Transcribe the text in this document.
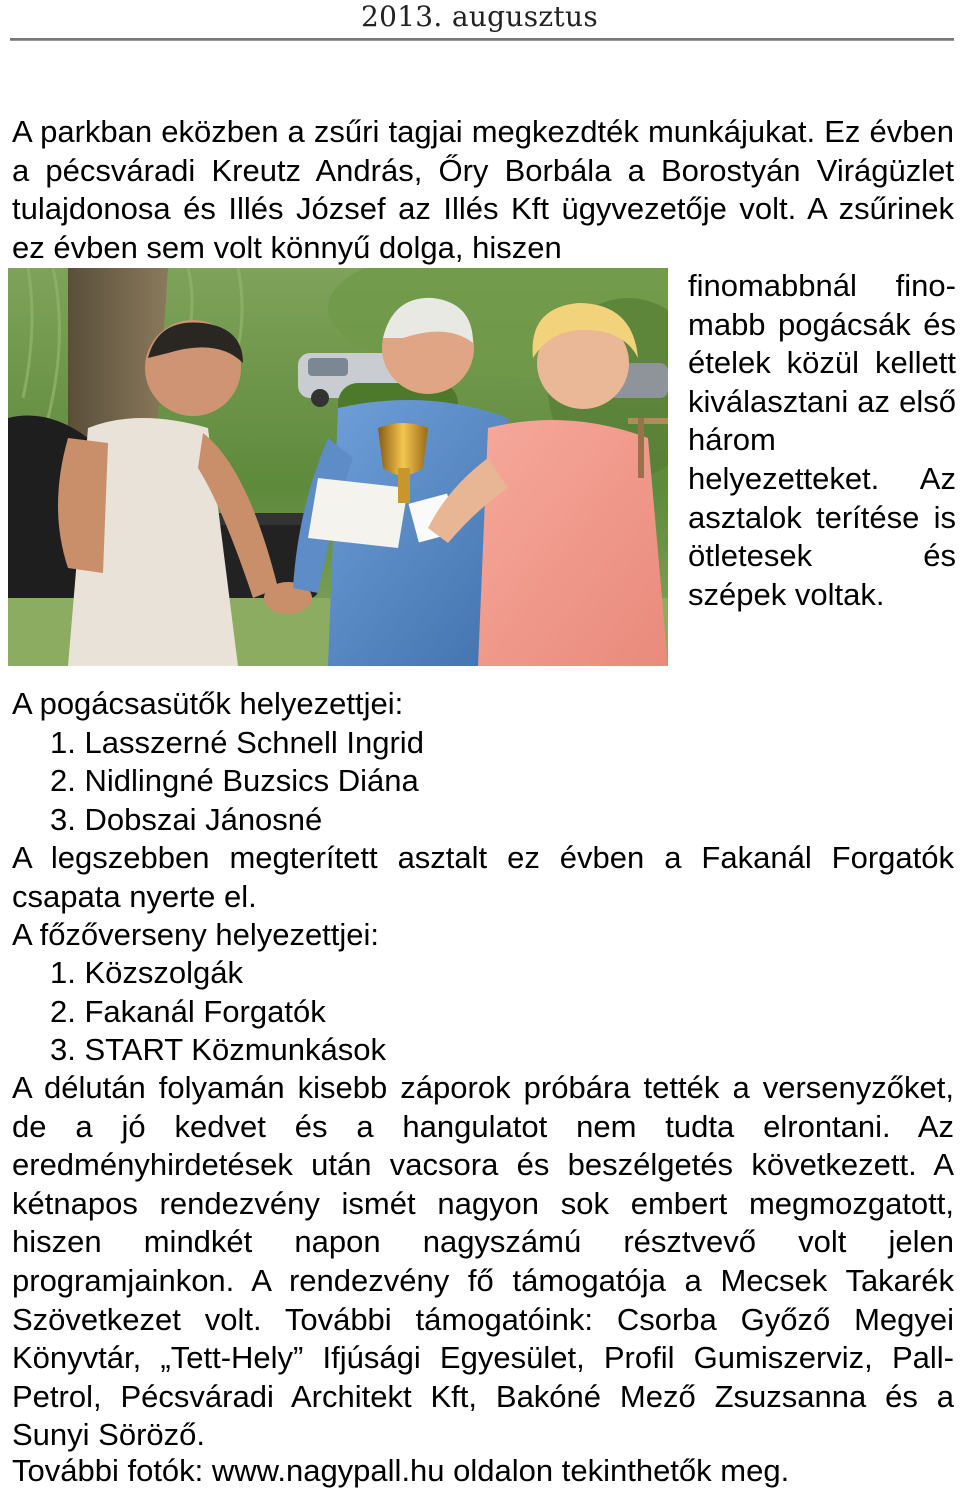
2013. augusztus

A parkban eközben a zsűri tagjai megkezdték munkájukat. Ez évben a pécsváradi Kreutz András, Őry Borbála a Borostyán Virágüzlet tulajdonosa és Illés József az Illés Kft ügyvezetője volt. A zsűrinek ez évben sem volt könnyű dolga, hiszen

finomabbnál fino-mabb pogácsák és ételek közül kellett kiválasztani az első három helyezetteket. Az asztalok terítése is ötletesek és szépek voltak.
A pogácsasütők helyezettjei:
1. Lasszerné Schnell Ingrid
2. Nidlingné Buzsics Diána
3. Dobszai Jánosné

A legszebben megterített asztalt ez évben a Fakanál Forgatók csapata nyerte el.

A főzőverseny helyezettjei:
1. Közszolgák
2. Fakanál Forgatók
3. START Közmunkások

A délután folyamán kisebb záporok próbára tették a versenyzőket, de a jó kedvet és a hangulatot nem tudta elrontani. Az eredményhirdetések után vacsora és beszélgetés következett. A kétnapos rendezvény ismét nagyon sok embert megmozgatott, hiszen mindkét napon nagyszámú résztvevő volt jelen programjainkon. A rendezvény fő támogatója a Mecsek Takarék Szövetkezet volt. További támogatóink: Csorba Győző Megyei Könyvtár, „Tett-Hely” Ifjúsági Egyesület, Profil Gumiszerviz, Pall-Petrol, Pécsváradi Architekt Kft, Bakóné Mező Zsuzsanna és a Sunyi Söröző.

További fotók: www.nagypall.hu oldalon tekinthetők meg.
